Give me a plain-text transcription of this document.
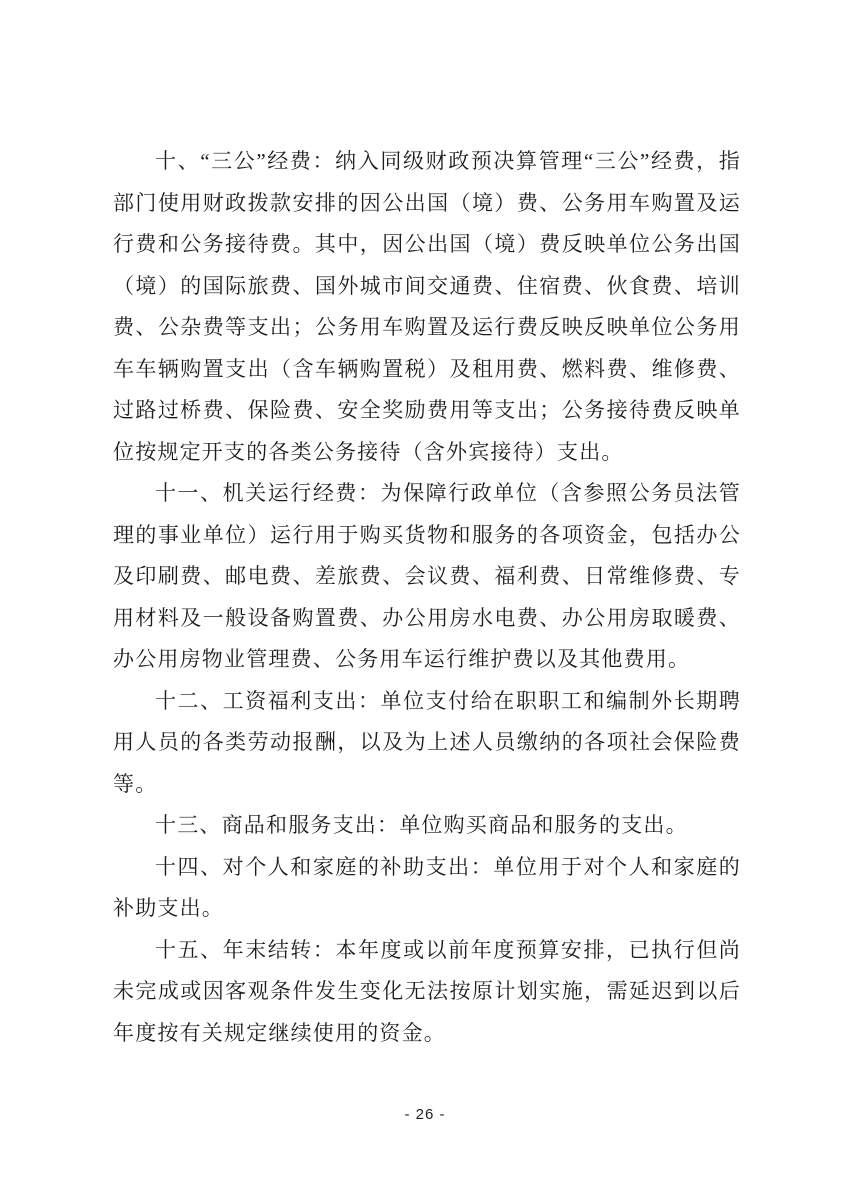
十、“三公”经费：纳入同级财政预决算管理“三公”经费，指部门使用财政拨款安排的因公出国（境）费、公务用车购置及运行费和公务接待费。其中，因公出国（境）费反映单位公务出国（境）的国际旅费、国外城市间交通费、住宿费、伙食费、培训费、公杂费等支出；公务用车购置及运行费反映反映单位公务用车车辆购置支出（含车辆购置税）及租用费、燃料费、维修费、过路过桥费、保险费、安全奖励费用等支出；公务接待费反映单位按规定开支的各类公务接待（含外宾接待）支出。

十一、机关运行经费：为保障行政单位（含参照公务员法管理的事业单位）运行用于购买货物和服务的各项资金，包括办公及印刷费、邮电费、差旅费、会议费、福利费、日常维修费、专用材料及一般设备购置费、办公用房水电费、办公用房取暖费、办公用房物业管理费、公务用车运行维护费以及其他费用。

十二、工资福利支出：单位支付给在职职工和编制外长期聘用人员的各类劳动报酬，以及为上述人员缴纳的各项社会保险费等。

十三、商品和服务支出：单位购买商品和服务的支出。

十四、对个人和家庭的补助支出：单位用于对个人和家庭的补助支出。

十五、年末结转：本年度或以前年度预算安排，已执行但尚未完成或因客观条件发生变化无法按原计划实施，需延迟到以后年度按有关规定继续使用的资金。

- 26 -
